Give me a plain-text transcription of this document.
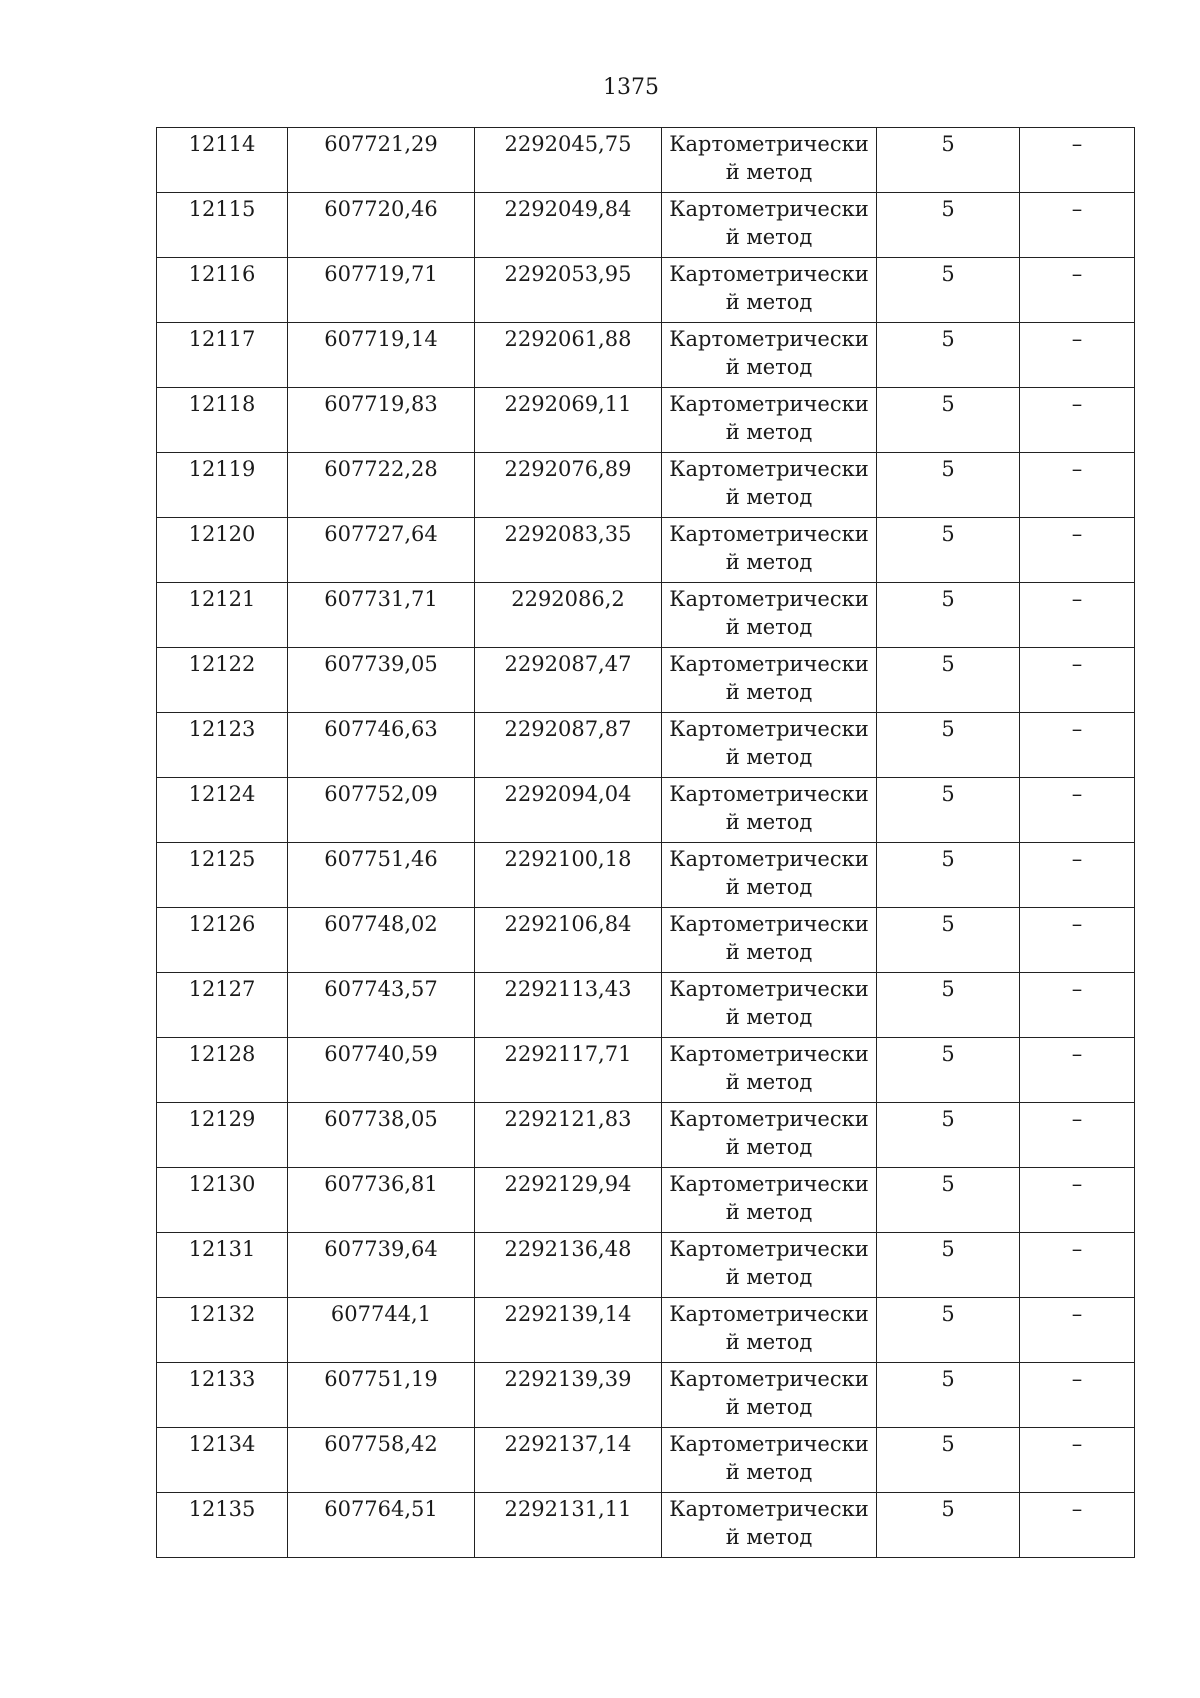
1375
12114	607721,29	2292045,75	Картометрически й метод	5	–
12115	607720,46	2292049,84	Картометрически й метод	5	–
12116	607719,71	2292053,95	Картометрически й метод	5	–
12117	607719,14	2292061,88	Картометрически й метод	5	–
12118	607719,83	2292069,11	Картометрически й метод	5	–
12119	607722,28	2292076,89	Картометрически й метод	5	–
12120	607727,64	2292083,35	Картометрически й метод	5	–
12121	607731,71	2292086,2	Картометрически й метод	5	–
12122	607739,05	2292087,47	Картометрически й метод	5	–
12123	607746,63	2292087,87	Картометрически й метод	5	–
12124	607752,09	2292094,04	Картометрически й метод	5	–
12125	607751,46	2292100,18	Картометрически й метод	5	–
12126	607748,02	2292106,84	Картометрически й метод	5	–
12127	607743,57	2292113,43	Картометрически й метод	5	–
12128	607740,59	2292117,71	Картометрически й метод	5	–
12129	607738,05	2292121,83	Картометрически й метод	5	–
12130	607736,81	2292129,94	Картометрически й метод	5	–
12131	607739,64	2292136,48	Картометрически й метод	5	–
12132	607744,1	2292139,14	Картометрически й метод	5	–
12133	607751,19	2292139,39	Картометрически й метод	5	–
12134	607758,42	2292137,14	Картометрически й метод	5	–
12135	607764,51	2292131,11	Картометрически й метод	5	–
